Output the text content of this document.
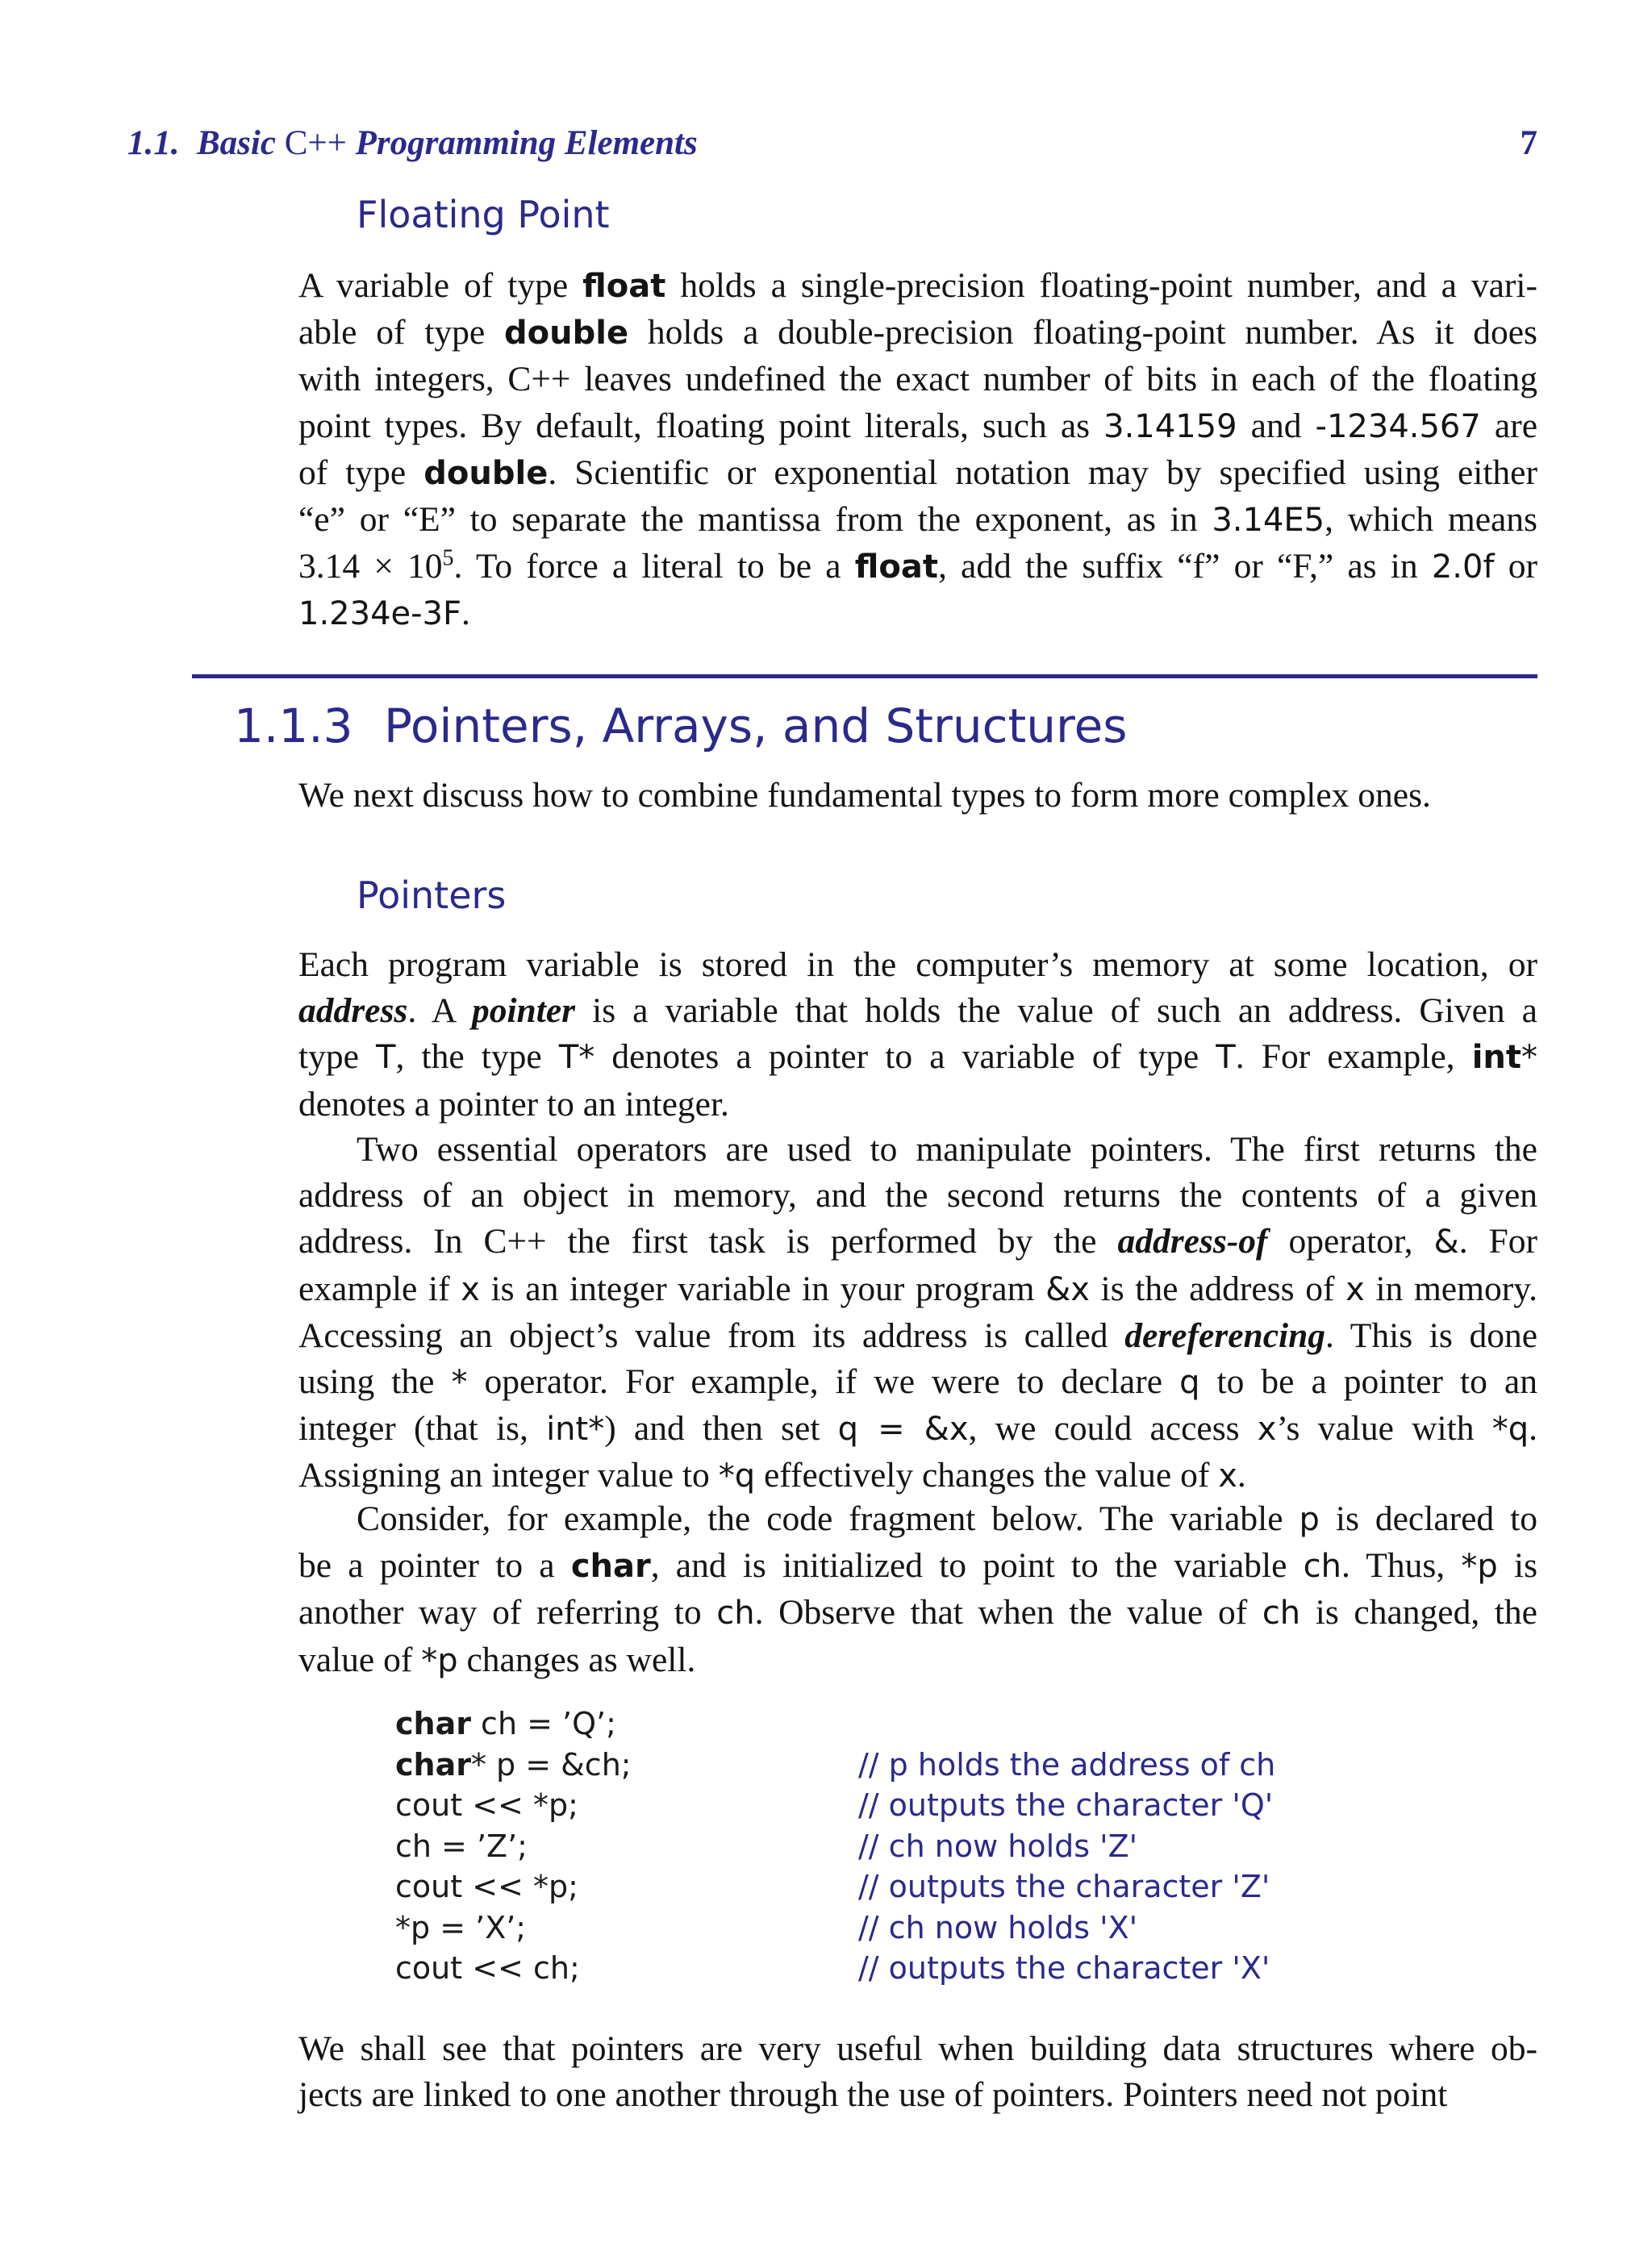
1.1. Basic C++ Programming Elements	7
Floating Point
A variable of type float holds a single-precision floating-point number, and a vari-
able of type double holds a double-precision floating-point number. As it does
with integers, C++ leaves undefined the exact number of bits in each of the floating
point types. By default, floating point literals, such as 3.14159 and -1234.567 are
of type double. Scientific or exponential notation may by specified using either
“e” or “E” to separate the mantissa from the exponent, as in 3.14E5, which means
$3.14 \times 10^5$. To force a literal to be a float, add the suffix “f” or “F,” as in 2.0f or
1.234e-3F.
1.1.3 Pointers, Arrays, and Structures
We next discuss how to combine fundamental types to form more complex ones.
Pointers
Each program variable is stored in the computer’s memory at some location, or
address. A pointer is a variable that holds the value of such an address. Given a
type T, the type T* denotes a pointer to a variable of type T. For example, int*
denotes a pointer to an integer.
Two essential operators are used to manipulate pointers. The first returns the
address of an object in memory, and the second returns the contents of a given
address. In C++ the first task is performed by the address-of operator, &. For
example if x is an integer variable in your program &x is the address of x in memory.
Accessing an object’s value from its address is called dereferencing. This is done
using the * operator. For example, if we were to declare q to be a pointer to an
integer (that is, int*) and then set q = &x, we could access x’s value with *q.
Assigning an integer value to *q effectively changes the value of x.
Consider, for example, the code fragment below. The variable p is declared to
be a pointer to a char, and is initialized to point to the variable ch. Thus, *p is
another way of referring to ch. Observe that when the value of ch is changed, the
value of *p changes as well.
char ch = ’Q’;
char* p = &ch;	// p holds the address of ch
cout << *p;	// outputs the character 'Q'
ch = ’Z’;	// ch now holds 'Z'
cout << *p;	// outputs the character 'Z'
*p = ’X’;	// ch now holds 'X'
cout << ch;	// outputs the character 'X'
We shall see that pointers are very useful when building data structures where ob-
jects are linked to one another through the use of pointers. Pointers need not point
